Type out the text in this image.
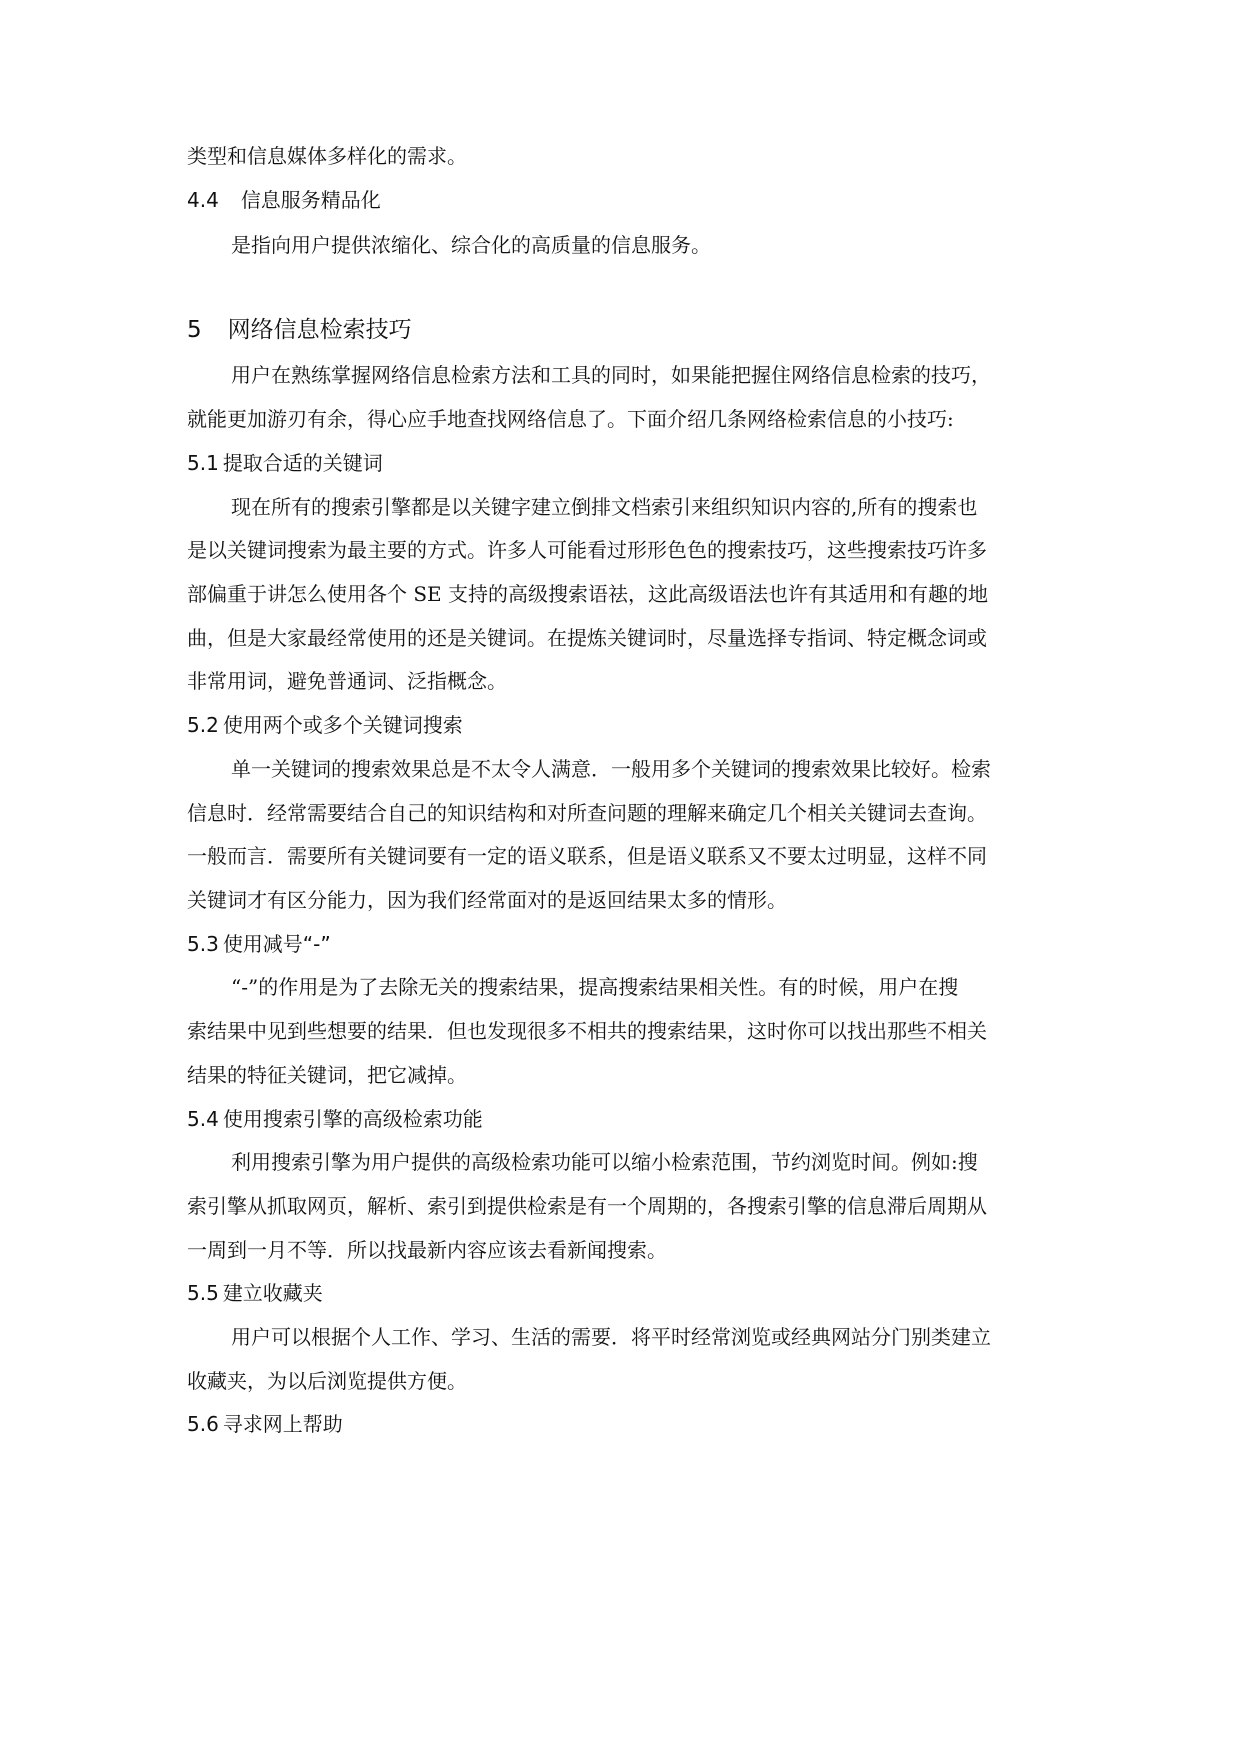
类型和信息媒体多样化的需求。
4.4 信息服务精品化
是指向用户提供浓缩化、综合化的高质量的信息服务。
5 网络信息检索技巧
用户在熟练掌握网络信息检索方法和工具的同时，如果能把握住网络信息检索的技巧，
就能更加游刃有余，得心应手地查找网络信息了。下面介绍几条网络检索信息的小技巧:
5.1 提取合适的关键词
现在所有的搜索引擎都是以关键字建立倒排文档索引来组织知识内容的,所有的搜索也
是以关键词搜索为最主要的方式。许多人可能看过形形色色的搜索技巧，这些搜索技巧许多
部偏重于讲怎么使用各个 SE 支持的高级搜索语祛，这此高级语法也许有其适用和有趣的地
曲，但是大家最经常使用的还是关键词。在提炼关键词时，尽量选择专指词、特定概念词或
非常用词，避免普通词、泛指概念。
5.2 使用两个或多个关键词搜索
单一关键词的搜索效果总是不太令人满意．一般用多个关键词的搜索效果比较好。检索
信息时．经常需要结合自己的知识结构和对所查问题的理解来确定几个相关关键词去查询。
一般而言．需要所有关键词要有一定的语义联系，但是语义联系又不要太过明显，这样不同
关键词才有区分能力，因为我们经常面对的是返回结果太多的情形。
5.3 使用减号“-”
“-”的作用是为了去除无关的搜索结果，提高搜索结果相关性。有的时候，用户在搜
索结果中见到些想要的结果．但也发现很多不相共的搜索结果，这时你可以找出那些不相关
结果的特征关键词，把它减掉。
5.4 使用搜索引擎的高级检索功能
利用搜索引擎为用户提供的高级检索功能可以缩小检索范围，节约浏览时间。例如:搜
索引擎从抓取网页，解析、索引到提供检索是有一个周期的，各搜索引擎的信息滞后周期从
一周到一月不等．所以找最新内容应该去看新闻搜索。
5.5 建立收藏夹
用户可以根据个人工作、学习、生活的需要．将平时经常浏览或经典网站分门别类建立
收藏夹，为以后浏览提供方便。
5.6 寻求网上帮助
